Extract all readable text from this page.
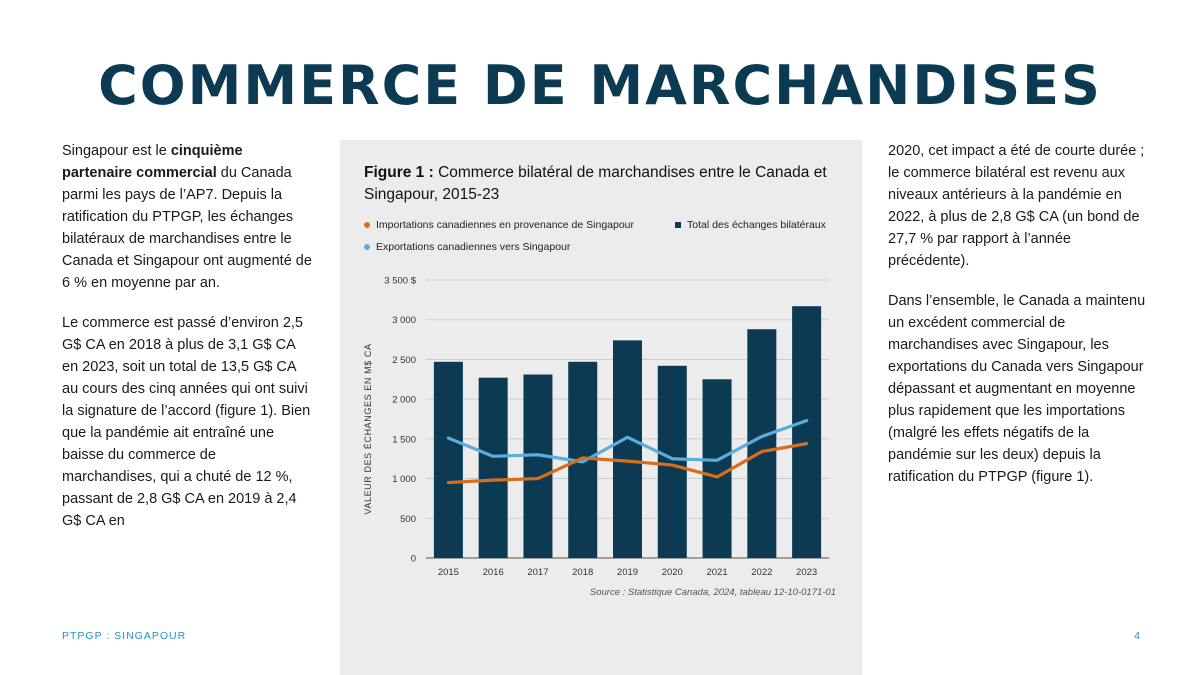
COMMERCE DE MARCHANDISES

Singapour est le cinquième partenaire commercial du Canada parmi les pays de l’AP7. Depuis la ratification du PTPGP, les échanges bilatéraux de marchandises entre le Canada et Singapour ont augmenté de 6 % en moyenne par an.

Le commerce est passé d’environ 2,5 G$ CA en 2018 à plus de 3,1 G$ CA en 2023, soit un total de 13,5 G$ CA au cours des cinq années qui ont suivi la signature de l’accord (figure 1). Bien que la pandémie ait entraîné une baisse du commerce de marchandises, qui a chuté de 12 %, passant de 2,8 G$ CA en 2019 à 2,4 G$ CA en

Figure 1 : Commerce bilatéral de marchandises entre le Canada et Singapour, 2015-23
Importations canadiennes en provenance de Singapour	Total des échanges bilatéraux
Exportations canadiennes vers Singapour
0
500
1 000
1 500
2 000
2 500
3 000
3 500 $
VALEUR DES ÉCHANGES EN M$ CA
2015 2016 2017 2018 2019 2020 2021 2022 2023
Source : Statistique Canada, 2024, tableau 12-10-0171-01

2020, cet impact a été de courte durée ; le commerce bilatéral est revenu aux niveaux antérieurs à la pandémie en 2022, à plus de 2,8 G$ CA (un bond de 27,7 % par rapport à l’année précédente).

Dans l’ensemble, le Canada a maintenu un excédent commercial de marchandises avec Singapour, les exportations du Canada vers Singapour dépassant et augmentant en moyenne plus rapidement que les importations (malgré les effets négatifs de la pandémie sur les deux) depuis la ratification du PTPGP (figure 1).

PTPGP : SINGAPOUR	4
